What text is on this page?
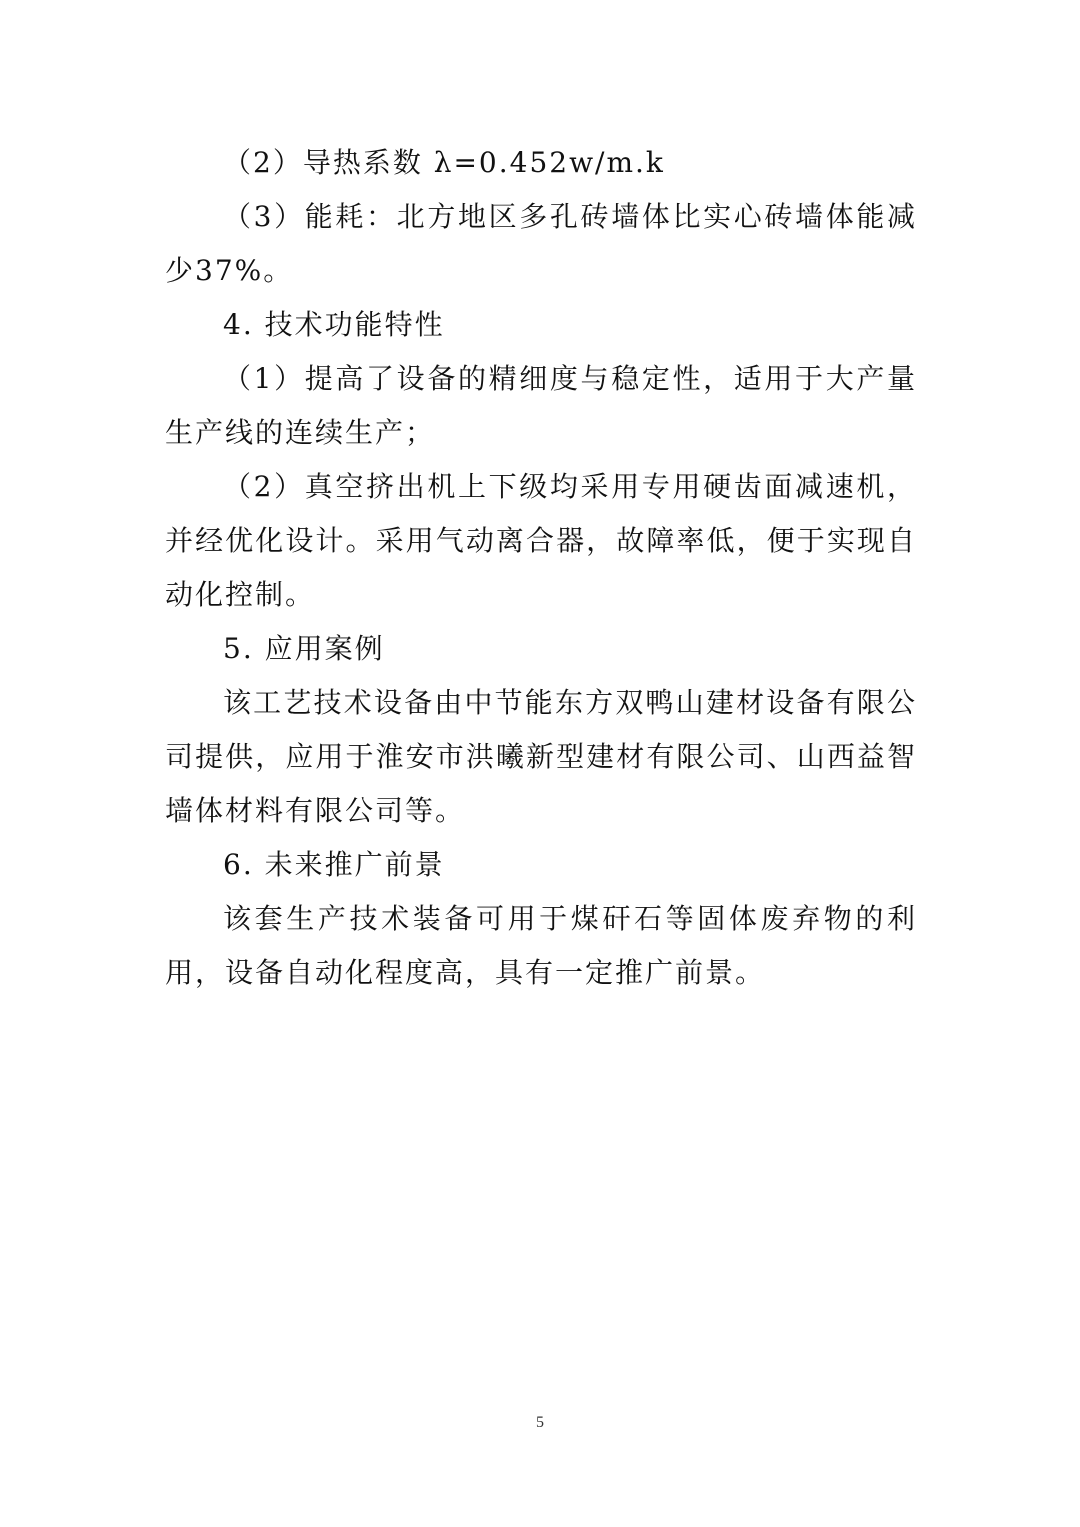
（2）导热系数 λ=0.452w/m.k

（3）能耗：北方地区多孔砖墙体比实心砖墙体能减少37%。

4. 技术功能特性

（1）提高了设备的精细度与稳定性，适用于大产量生产线的连续生产；

（2）真空挤出机上下级均采用专用硬齿面减速机，并经优化设计。采用气动离合器，故障率低，便于实现自动化控制。

5. 应用案例

该工艺技术设备由中节能东方双鸭山建材设备有限公司提供，应用于淮安市洪曦新型建材有限公司、山西益智墙体材料有限公司等。

6. 未来推广前景

该套生产技术装备可用于煤矸石等固体废弃物的利用，设备自动化程度高，具有一定推广前景。

5
